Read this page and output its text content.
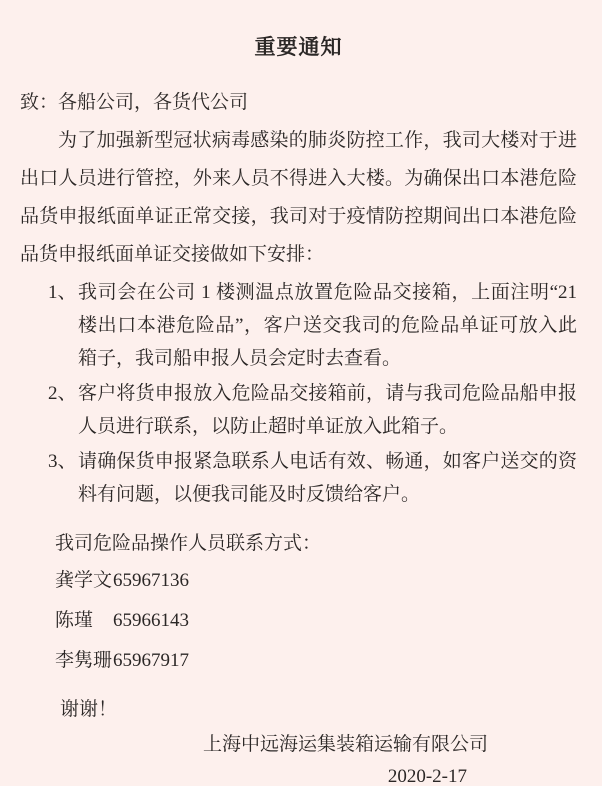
重要通知

致：各船公司，各货代公司

为了加强新型冠状病毒感染的肺炎防控工作，我司大楼对于进出口人员进行管控，外来人员不得进入大楼。为确保出口本港危险品货申报纸面单证正常交接，我司对于疫情防控期间出口本港危险品货申报纸面单证交接做如下安排：

1、 我司会在公司 1 楼测温点放置危险品交接箱，上面注明“21 楼出口本港危险品”，客户送交我司的危险品单证可放入此箱子，我司船申报人员会定时去查看。
2、 客户将货申报放入危险品交接箱前，请与我司危险品船申报人员进行联系，以防止超时单证放入此箱子。
3、 请确保货申报紧急联系人电话有效、畅通，如客户送交的资料有问题，以便我司能及时反馈给客户。

我司危险品操作人员联系方式：

龚学文 65967136
陈瑾	65966143
李隽珊 65967917

谢谢！

上海中远海运集装箱运输有限公司

2020-2-17
